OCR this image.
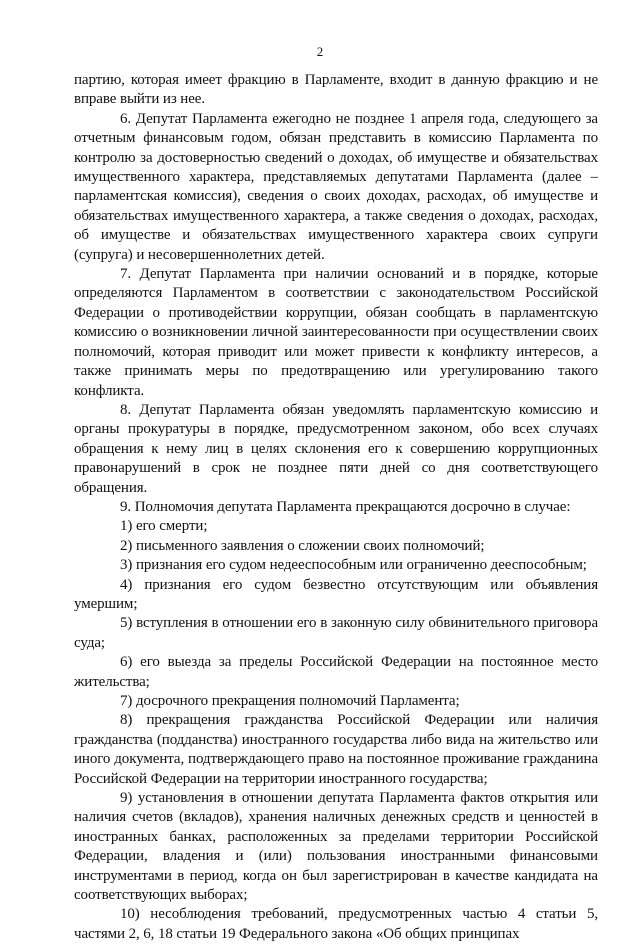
2

партию, которая имеет фракцию в Парламенте, входит в данную фракцию и не вправе выйти из нее.

6. Депутат Парламента ежегодно не позднее 1 апреля года, следующего за отчетным финансовым годом, обязан представить в комиссию Парламента по контролю за достоверностью сведений о доходах, об имуществе и обязательствах имущественного характера, представляемых депутатами Парламента (далее – парламентская комиссия), сведения о своих доходах, расходах, об имуществе и обязательствах имущественного характера, а также сведения о доходах, расходах, об имуществе и обязательствах имущественного характера своих супруги (супруга) и несовершеннолетних детей.

7. Депутат Парламента при наличии оснований и в порядке, которые определяются Парламентом в соответствии с законодательством Российской Федерации о противодействии коррупции, обязан сообщать в парламентскую комиссию о возникновении личной заинтересованности при осуществлении своих полномочий, которая приводит или может привести к конфликту интересов, а также принимать меры по предотвращению или урегулированию такого конфликта.

8. Депутат Парламента обязан уведомлять парламентскую комиссию и органы прокуратуры в порядке, предусмотренном законом, обо всех случаях обращения к нему лиц в целях склонения его к совершению коррупционных правонарушений в срок не позднее пяти дней со дня соответствующего обращения.

9. Полномочия депутата Парламента прекращаются досрочно в случае:

1) его смерти;

2) письменного заявления о сложении своих полномочий;

3) признания его судом недееспособным или ограниченно дееспособным;

4) признания его судом безвестно отсутствующим или объявления умершим;

5) вступления в отношении его в законную силу обвинительного приговора суда;

6) его выезда за пределы Российской Федерации на постоянное место жительства;

7) досрочного прекращения полномочий Парламента;

8) прекращения гражданства Российской Федерации или наличия гражданства (подданства) иностранного государства либо вида на жительство или иного документа, подтверждающего право на постоянное проживание гражданина Российской Федерации на территории иностранного государства;

9) установления в отношении депутата Парламента фактов открытия или наличия счетов (вкладов), хранения наличных денежных средств и ценностей в иностранных банках, расположенных за пределами территории Российской Федерации, владения и (или) пользования иностранными финансовыми инструментами в период, когда он был зарегистрирован в качестве кандидата на соответствующих выборах;

10) несоблюдения требований, предусмотренных частью 4 статьи 5, частями 2, 6, 18 статьи 19 Федерального закона «Об общих принципах
